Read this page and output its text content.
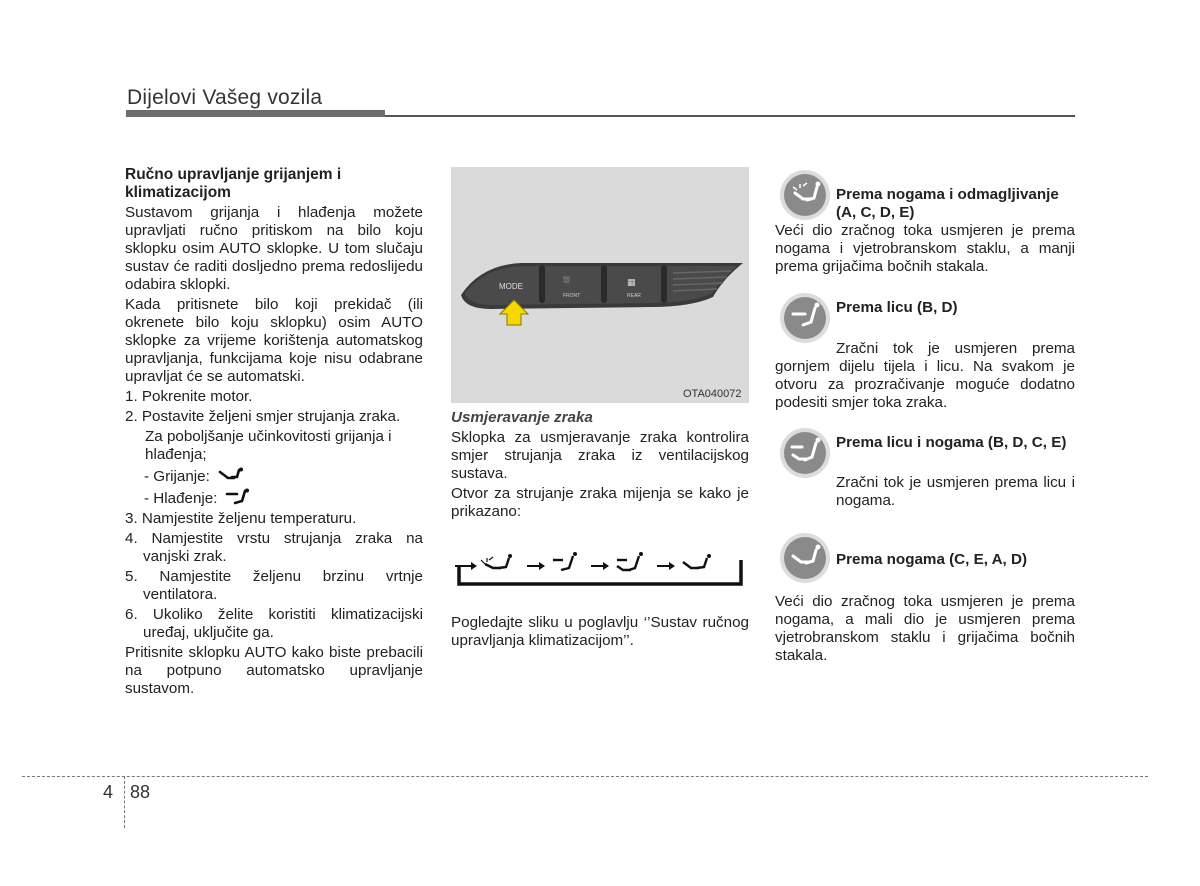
Dijelovi Vašeg vozila
Ručno upravljanje grijanjem i klimatizacijom

Sustavom grijanja i hlađenja možete upravljati ručno pritiskom na bilo koju sklopku osim AUTO sklopke. U tom slučaju sustav će raditi dosljedno prema redoslijedu odabira sklopki.

Kada pritisnete bilo koji prekidač (ili okrenete bilo koju sklopku) osim AUTO sklopke za vrijeme korištenja automatskog upravljanja, funkcijama koje nisu odabrane upravljat će se automatski.

1. Pokrenite motor.
2. Postavite željeni smjer strujanja zraka.
Za poboljšanje učinkovitosti grijanja i hlađenja;
- Grijanje:
- Hlađenje:
3. Namjestite željenu temperaturu.
4. Namjestite vrstu strujanja zraka na vanjski zrak.
5. Namjestite željenu brzinu vrtnje ventilatora.
6. Ukoliko želite koristiti klimatizacijski uređaj, uključite ga.

Pritisnite sklopku AUTO kako biste prebacili na potpuno automatsko upravljanje sustavom.

MODE
⛆
FRONT
▦
REAR
OTA040072
Usmjeravanje zraka

Sklopka za usmjeravanje zraka kontrolira smjer strujanja zraka iz ventilacijskog sustava.

Otvor za strujanje zraka mijenja se kako je prikazano:

Pogledajte sliku u poglavlju ‘’Sustav ručnog upravljanja klimatizacijom’’.

Prema nogama i odmagljivanje (A, C, D, E)

Veći dio zračnog toka usmjeren je prema nogama i vjetrobranskom staklu, a manji prema grijačima bočnih stakala.

Prema licu (B, D)

Zračni tok je usmjeren prema gornjem dijelu tijela i licu. Na svakom je otvoru za prozračivanje moguće dodatno podesiti smjer toka zraka.

Prema licu i nogama (B, D, C, E)

Zračni tok je usmjeren prema licu i nogama.

Prema nogama (C, E, A, D)

Veći dio zračnog toka usmjeren je prema nogama, a mali dio je usmjeren prema vjetrobranskom staklu i grijačima bočnih stakala.

4 88
